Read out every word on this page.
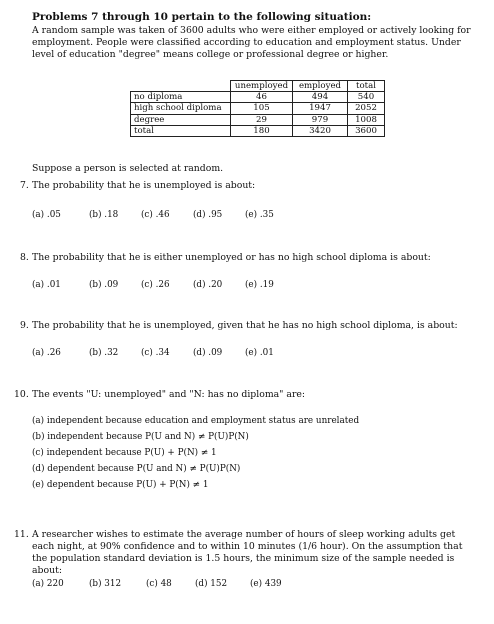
Problems 7 through 10 pertain to the following situation:
A random sample was taken of 3600 adults who were either employed or actively looking for employment. People were classified according to education and employment status. Under level of education "degree" means college or professional degree or higher.
	unemployed	employed	total
no diploma	46	494	540
high school diploma	105	1947	2052
degree	29	979	1008
total	180	3420	3600
Suppose a person is selected at random.
7. The probability that he is unemployed is about:
(a) .05	(b) .18	(c) .46	(d) .95	(e) .35
8. The probability that he is either unemployed or has no high school diploma is about:
(a) .01	(b) .09	(c) .26	(d) .20	(e) .19
9. The probability that he is unemployed, given that he has no high school diploma, is about:
(a) .26	(b) .32	(c) .34	(d) .09	(e) .01
10. The events "U: unemployed" and "N: has no diploma" are:
(a) independent because education and employment status are unrelated
(b) independent because P(U and N) ≠ P(U)P(N)
(c) independent because P(U) + P(N) ≠ 1
(d) dependent because P(U and N) ≠ P(U)P(N)
(e) dependent because P(U) + P(N) ≠ 1
11. A researcher wishes to estimate the average number of hours of sleep working adults get each night, at 90% confidence and to within 10 minutes (1/6 hour). On the assumption that the population standard deviation is 1.5 hours, the minimum size of the sample needed is about:
(a) 220	(b) 312	(c) 48	(d) 152	(e) 439
